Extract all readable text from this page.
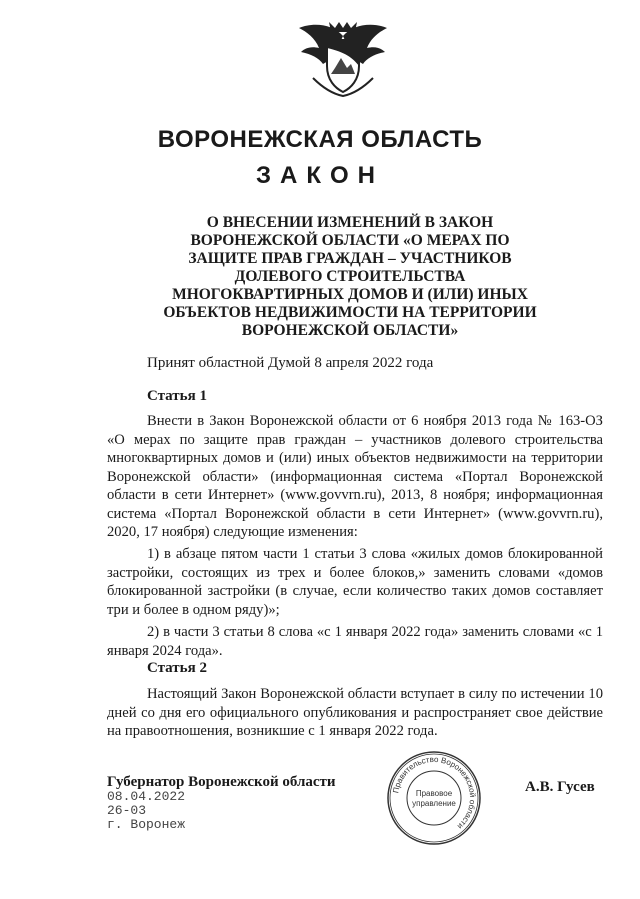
ВОРОНЕЖСКАЯ ОБЛАСТЬ
ЗАКОН

О ВНЕСЕНИИ ИЗМЕНЕНИЙ В ЗАКОН ВОРОНЕЖСКОЙ ОБЛАСТИ «О МЕРАХ ПО ЗАЩИТЕ ПРАВ ГРАЖДАН – УЧАСТНИКОВ ДОЛЕВОГО СТРОИТЕЛЬСТВА МНОГОКВАРТИРНЫХ ДОМОВ И (ИЛИ) ИНЫХ ОБЪЕКТОВ НЕДВИЖИМОСТИ НА ТЕРРИТОРИИ ВОРОНЕЖСКОЙ ОБЛАСТИ»

Принят областной Думой 8 апреля 2022 года
Статья 1

Внести в Закон Воронежской области от 6 ноября 2013 года № 163-ОЗ «О мерах по защите прав граждан – участников долевого строительства многоквартирных домов и (или) иных объектов недвижимости на территории Воронежской области» (информационная система «Портал Воронежской области в сети Интернет» (www.govvrn.ru), 2013, 8 ноября; информационная система «Портал Воронежской области в сети Интернет» (www.govvrn.ru), 2020, 17 ноября) следующие изменения:

1) в абзаце пятом части 1 статьи 3 слова «жилых домов блокированной застройки, состоящих из трех и более блоков,» заменить словами «домов блокированной застройки (в случае, если количество таких домов составляет три и более в одном ряду)»;

2) в части 3 статьи 8 слова «с 1 января 2022 года» заменить словами «с 1 января 2024 года».

Статья 2

Настоящий Закон Воронежской области вступает в силу по истечении 10 дней со дня его официального опубликования и распространяет свое действие на правоотношения, возникшие с 1 января 2022 года.

Губернатор Воронежской области	А.В. Гусев
08.04.2022
26-03
г. Воронеж
Правительство Воронежской области
Правовое
управление
